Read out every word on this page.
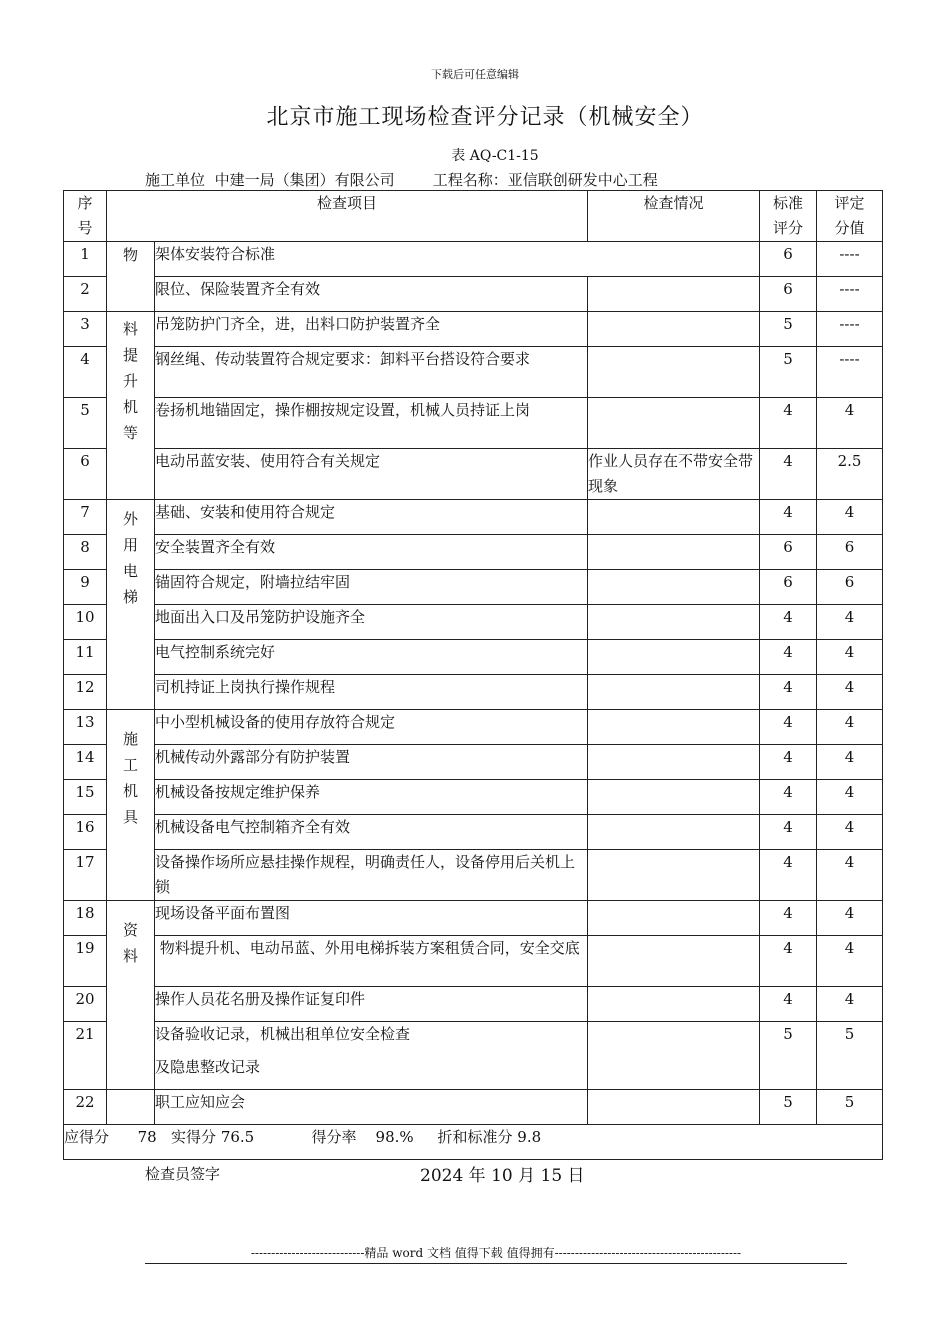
下载后可任意编辑
北京市施工现场检查评分记录（机械安全）
表 AQ-C1-15
施工单位 中建一局（集团）有限公司	工程名称：亚信联创研发中心工程
序号	检查项目		检查情况	标准评分	评定分值
1	物	架体安装符合标准		6	----
2		限位、保险装置齐全有效		6	----
3	料提升机等	吊笼防护门齐全，进，出料口防护装置齐全		5	----
4		钢丝绳、传动装置符合规定要求：卸料平台搭设符合要求		5	----
5		卷扬机地锚固定，操作棚按规定设置，机械人员持证上岗		4	4
6		电动吊蓝安装、使用符合有关规定	作业人员存在不带安全带现象	4	2.5
7	外用电梯	基础、安装和使用符合规定		4	4
8		安全装置齐全有效		6	6
9		锚固符合规定，附墙拉结牢固		6	6
10		地面出入口及吊笼防护设施齐全		4	4
11		电气控制系统完好		4	4
12		司机持证上岗执行操作规程		4	4
13	施工机具	中小型机械设备的使用存放符合规定		4	4
14		机械传动外露部分有防护装置		4	4
15		机械设备按规定维护保养		4	4
16		机械设备电气控制箱齐全有效		4	4
17		设备操作场所应悬挂操作规程，明确责任人，设备停用后关机上锁		4	4
18	资料	现场设备平面布置图		4	4
19		物料提升机、电动吊蓝、外用电梯拆装方案租赁合同，安全交底		4	4
20		操作人员花名册及操作证复印件		4	4
21		设备验收记录，机械出租单位安全检查
及隐患整改记录		5	5
22		职工应知应会		5	5
应得分 78 实得分 76.5 得分率 98.% 折和标准分 9.8					
检查员签字	2024 年 10 月 15 日
----------------------------精品 word 文档 值得下载 值得拥有----------------------------------------------
